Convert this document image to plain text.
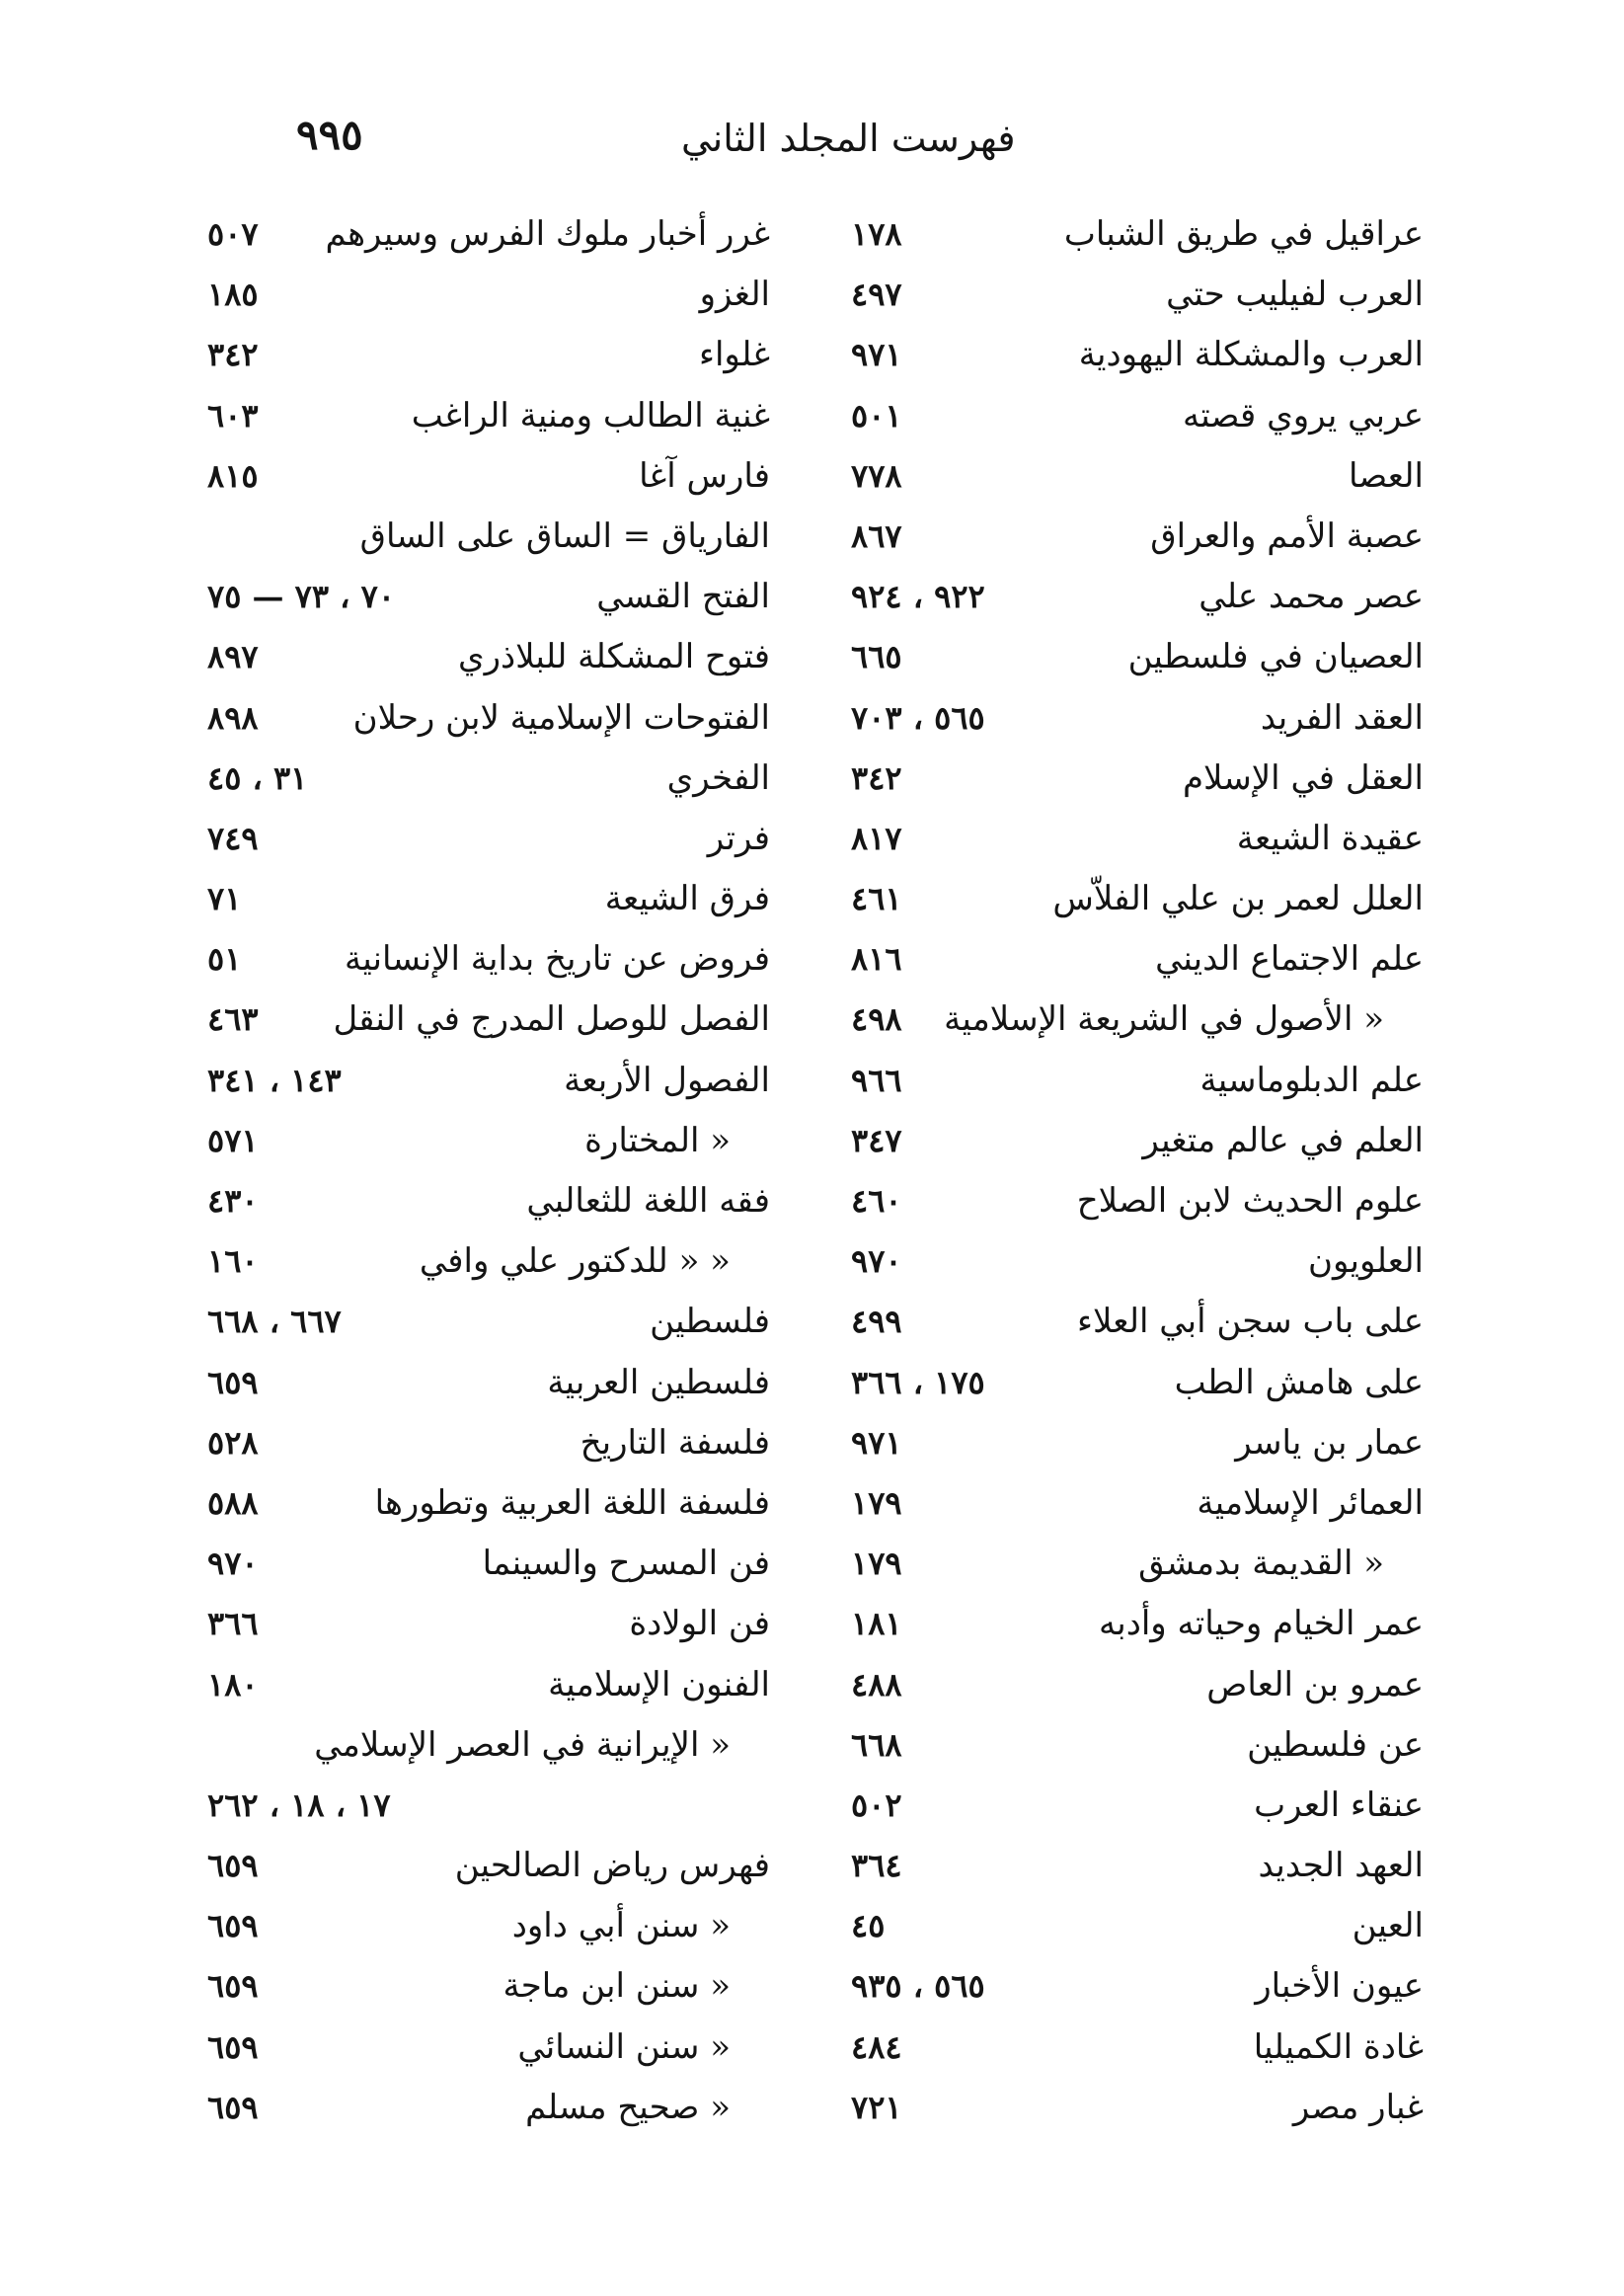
٩٩٥	فهرست المجلد الثاني
عراقيل في طريق الشباب
١٧٨
العرب لفيليب حتي
٤٩٧
العرب والمشكلة اليهودية
٩٧١
عربي يروي قصته
٥٠١
العصا
٧٧٨
عصبة الأمم والعراق
٨٦٧
عصر محمد علي
٩٢٢ ، ٩٢٤
العصيان في فلسطين
٦٦٥
العقد الفريد
٥٦٥ ، ٧٠٣
العقل في الإسلام
٣٤٢
عقيدة الشيعة
٨١٧
العلل لعمر بن علي الفلاّس
٤٦١
علم الاجتماع الديني
٨١٦
« الأصول في الشريعة الإسلامية
٤٩٨
علم الدبلوماسية
٩٦٦
العلم في عالم متغير
٣٤٧
علوم الحديث لابن الصلاح
٤٦٠
العلويون
٩٧٠
على باب سجن أبي العلاء
٤٩٩
على هامش الطب
١٧٥ ، ٣٦٦
عمار بن ياسر
٩٧١
العمائر الإسلامية
١٧٩
« القديمة بدمشق
١٧٩
عمر الخيام وحياته وأدبه
١٨١
عمرو بن العاص
٤٨٨
عن فلسطين
٦٦٨
عنقاء العرب
٥٠٢
العهد الجديد
٣٦٤
العين
٤٥
عيون الأخبار
٥٦٥ ، ٩٣٥
غادة الكميليا
٤٨٤
غبار مصر
٧٢١
غرر أخبار ملوك الفرس وسيرهم
٥٠٧
الغزو
١٨٥
غلواء
٣٤٢
غنية الطالب ومنية الراغب
٦٠٣
فارس آغا
٨١٥
الفارياق = الساق على الساق
الفتح القسي
٧٠ ، ٧٣ — ٧٥
فتوح المشكلة للبلاذري
٨٩٧
الفتوحات الإسلامية لابن رحلان
٨٩٨
الفخري
٣١ ، ٤٥
فرتر
٧٤٩
فرق الشيعة
٧١
فروض عن تاريخ بداية الإنسانية
٥١
الفصل للوصل المدرج في النقل
٤٦٣
الفصول الأربعة
١٤٣ ، ٣٤١
« المختارة
٥٧١
فقه اللغة للثعالبي
٤٣٠
« « للدكتور علي وافي
١٦٠
فلسطين
٦٦٧ ، ٦٦٨
فلسطين العربية
٦٥٩
فلسفة التاريخ
٥٢٨
فلسفة اللغة العربية وتطورها
٥٨٨
فن المسرح والسينما
٩٧٠
فن الولادة
٣٦٦
الفنون الإسلامية
١٨٠
« الإيرانية في العصر الإسلامي
١٧ ، ١٨ ، ٢٦٢
فهرس رياض الصالحين
٦٥٩
« سنن أبي داود
٦٥٩
« سنن ابن ماجة
٦٥٩
« سنن النسائي
٦٥٩
« صحيح مسلم
٦٥٩
